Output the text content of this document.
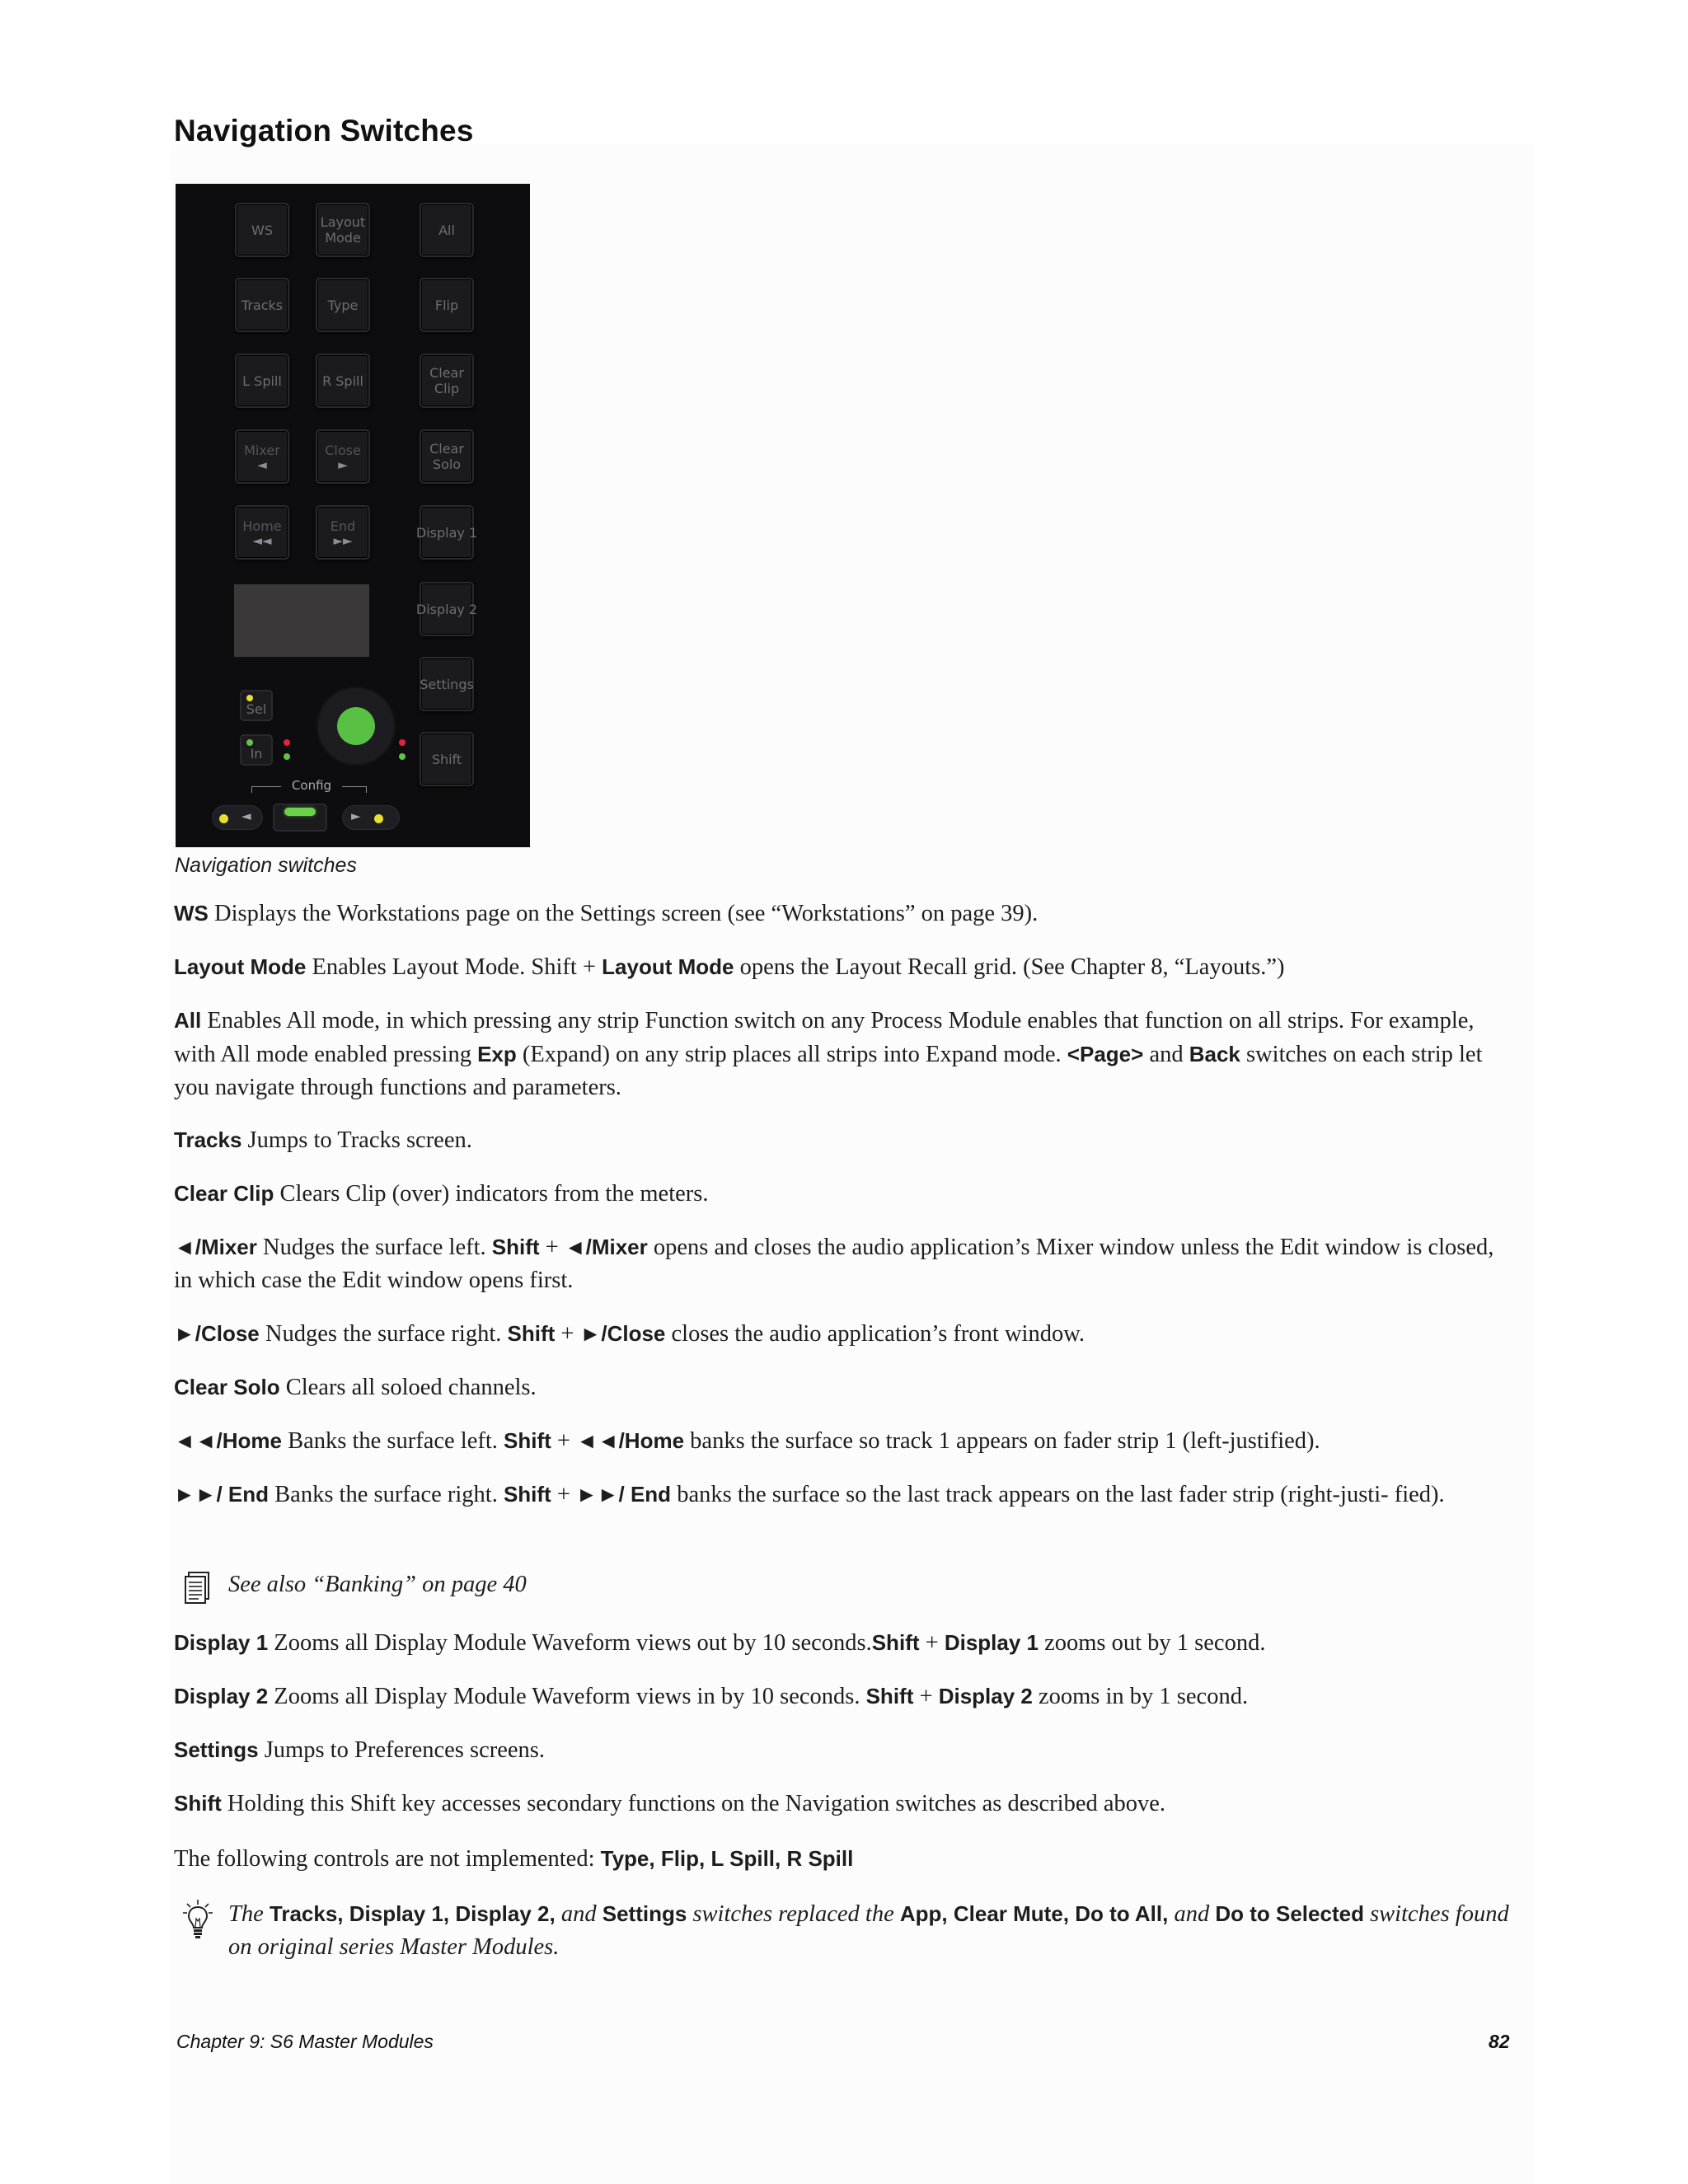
Navigation Switches
WS	Layout
Mode	All
Tracks	Type	Flip
L Spill	R Spill	Clear
Clip
Mixer
◄
Close
►
Clear
Solo
Home
◄◄
End
►►	Display 1
Display 2
Settings
Shift
Sel
In
Config
◄	►
Navigation switches

WS Displays the Workstations page on the Settings screen (see “Workstations” on page 39).

Layout Mode Enables Layout Mode. Shift + Layout Mode opens the Layout Recall grid. (See Chapter 8, “Layouts.”)

All Enables All mode, in which pressing any strip Function switch on any Process Module enables that function on all strips. For example, with All mode enabled pressing Exp (Expand) on any strip places all strips into Expand mode. <Page> and Back switches on each strip let you navigate through functions and parameters.

Tracks Jumps to Tracks screen.

Clear Clip Clears Clip (over) indicators from the meters.

◄/Mixer Nudges the surface left. Shift + ◄/Mixer opens and closes the audio application’s Mixer window unless the Edit window is closed, in which case the Edit window opens first.

►/Close Nudges the surface right. Shift + ►/Close closes the audio application’s front window.

Clear Solo Clears all soloed channels.

◄◄/Home Banks the surface left. Shift + ◄◄/Home banks the surface so track 1 appears on fader strip 1 (left-justified).

►►/ End Banks the surface right. Shift + ►►/ End banks the surface so the last track appears on the last fader strip (right-justi- fied).

See also “Banking” on page 40

Display 1 Zooms all Display Module Waveform views out by 10 seconds.Shift + Display 1 zooms out by 1 second.

Display 2 Zooms all Display Module Waveform views in by 10 seconds. Shift + Display 2 zooms in by 1 second.

Settings Jumps to Preferences screens.

Shift Holding this Shift key accesses secondary functions on the Navigation switches as described above.

The following controls are not implemented: Type, Flip, L Spill, R Spill

The Tracks, Display 1, Display 2, and Settings switches replaced the App, Clear Mute, Do to All, and Do to Selected switches found on original series Master Modules.

Chapter 9: S6 Master Modules	82
